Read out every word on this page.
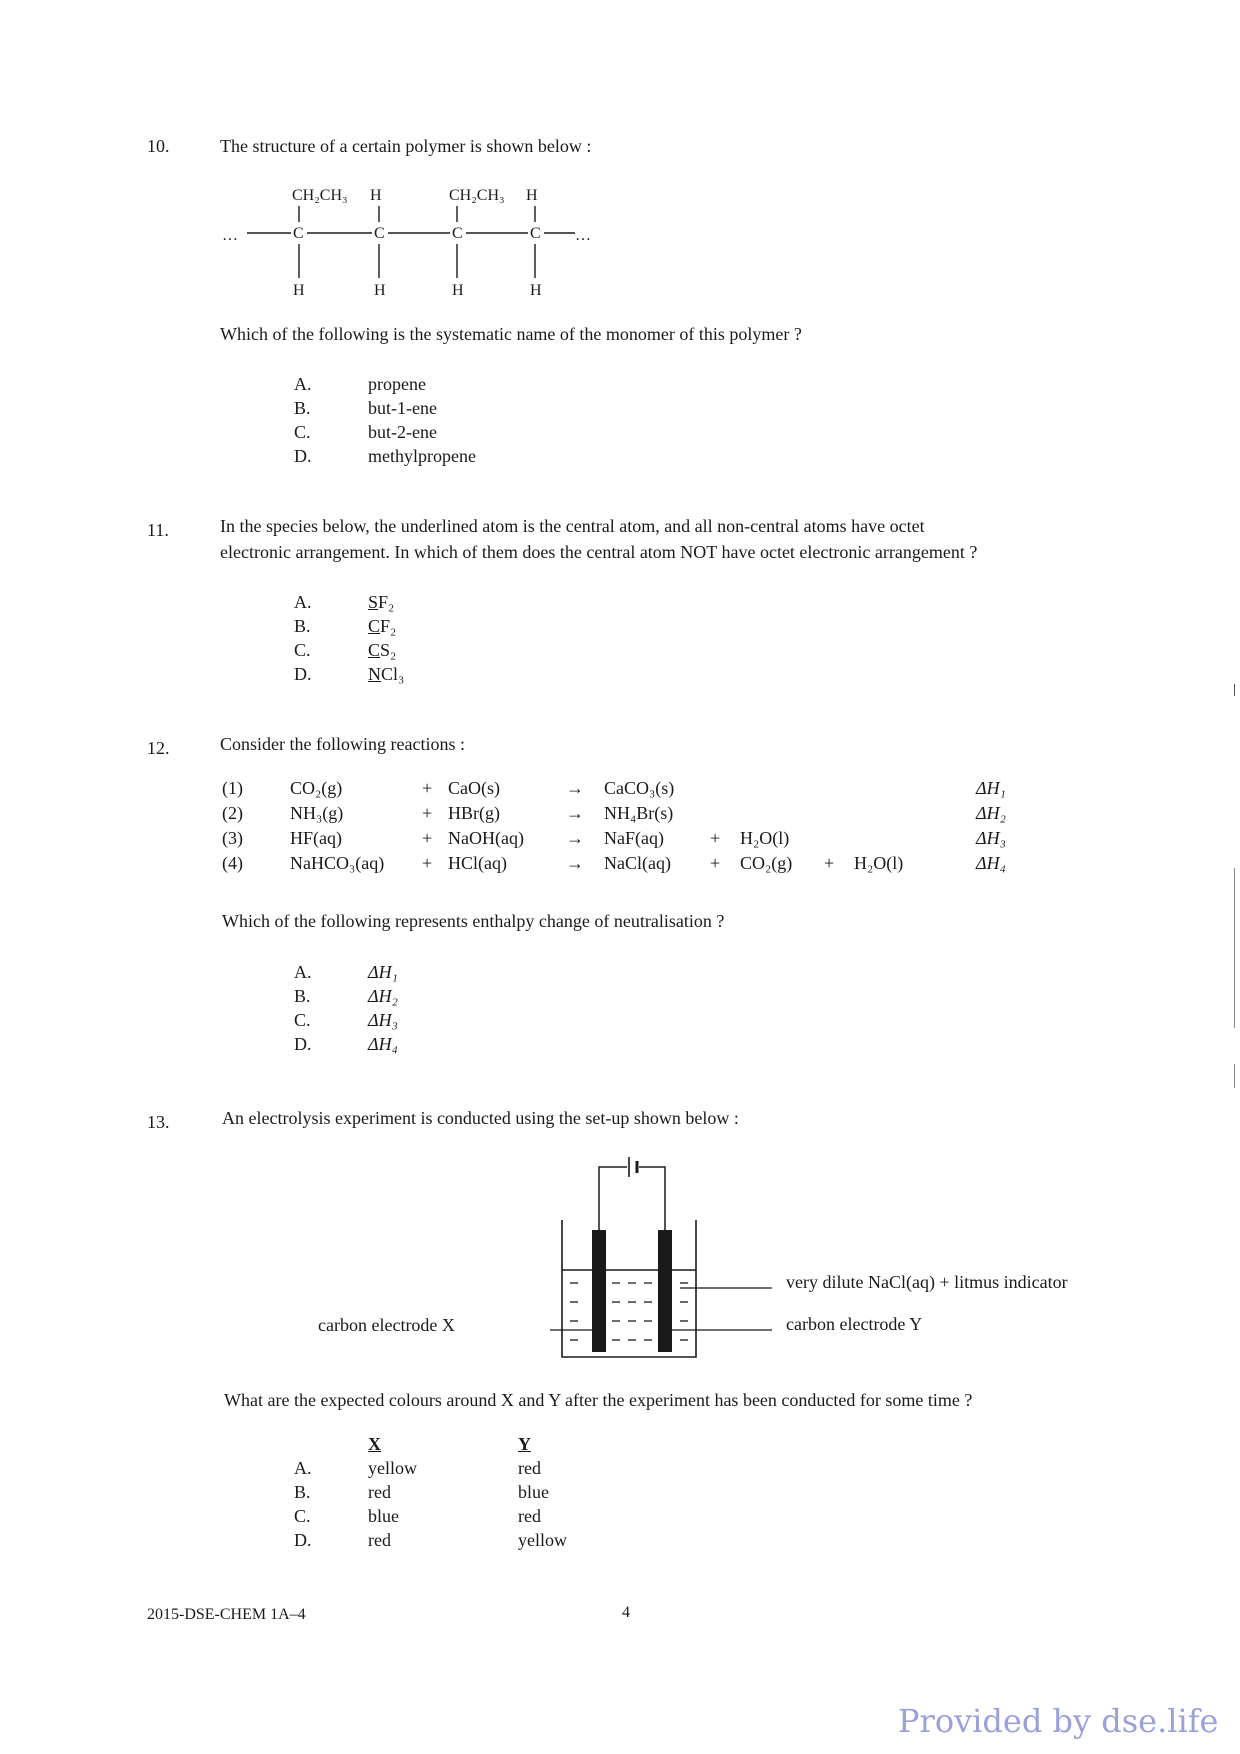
10.	The structure of a certain polymer is shown below :
…	…
CH₂CH₃ H	CH₂CH₃ H
C	C	C	C
H	H	H	H
Which of the following is the systematic name of the monomer of this polymer ?
A.	propene
B.	but-1-ene
C.	but-2-ene
D.	methylpropene
11.	In the species below, the underlined atom is the central atom, and all non-central atoms have octet
electronic arrangement. In which of them does the central atom NOT have octet electronic arrangement ?
A.	SF₂
B.	CF₂
C.	CS₂
D.	NCl₃
12.	Consider the following reactions :
(1)	CO₂(g)	+	CaO(s)	→	CaCO₃(s)					ΔH₁
(2)	NH₃(g)	+	HBr(g)	→	NH₄Br(s)					ΔH₂
(3)	HF(aq)	+	NaOH(aq)	→	NaF(aq)	+	H₂O(l)			ΔH₃
(4)	NaHCO₃(aq)	+	HCl(aq)	→	NaCl(aq)	+	CO₂(g)	+	H₂O(l)	ΔH₄
Which of the following represents enthalpy change of neutralisation ?
A.	ΔH₁
B.	ΔH₂
C.	ΔH₃
D.	ΔH₄
13.	An electrolysis experiment is conducted using the set-up shown below :
carbon electrode X
very dilute NaCl(aq) + litmus indicator
carbon electrode Y
What are the expected colours around X and Y after the experiment has been conducted for some time ?
X	Y
A.	yellow	red
B.	red	blue
C.	blue	red
D.	red	yellow
2015-DSE-CHEM 1A–4	4
Provided by dse.life
